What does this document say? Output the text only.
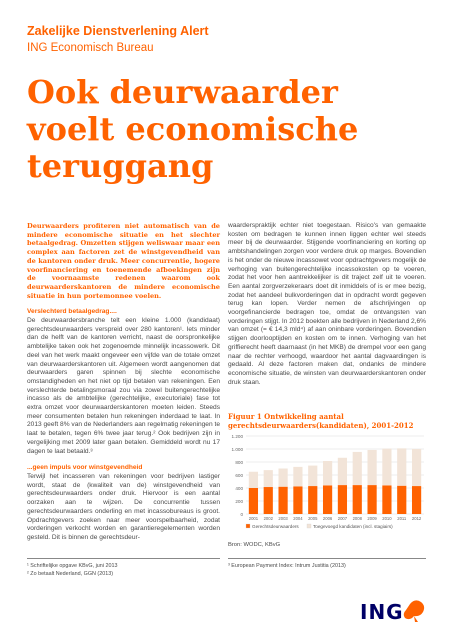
Zakelijke Dienstverlening Alert
ING Economisch Bureau
Ook deurwaarder
voelt economische
teruggang

Deurwaarders profiteren niet automatisch van de mindere economische situatie en het slechter betaalgedrag. Omzetten stijgen weliswaar maar een complex aan factoren zet de winstgevendheid van de kantoren onder druk. Meer concurrentie, hogere voorfinanciering en toenemende afboekingen zijn de voornaamste redenen waarom ook deurwaarderskantoren de mindere economische situatie in hun portemonnee voelen.

Verslechterd betaalgedrag....

De deurwaardersbranche telt een kleine 1.000 (kandidaat) gerechtsdeurwaarders verspreid over 280 kantoren¹. Iets minder dan de helft van de kantoren verricht, naast de oorspronkelijke ambtelijke taken ook het zogenoemde minnelijk incassowerk. Dit deel van het werk maakt ongeveer een vijfde van de totale omzet van deurwaarderskantoren uit. Algemeen wordt aangenomen dat deurwaarders garen spinnen bij slechte economische omstandigheden en het niet op tijd betalen van rekeningen. Een verslechterde betalingsmoraal zou via zowel buitengerechtelijke incasso als de ambtelijke (gerechtelijke, executoriale) fase tot extra omzet voor deurwaarderskantoren moeten leiden. Steeds meer consumenten betalen hun rekeningen inderdaad te laat. In 2013 geeft 8% van de Nederlanders aan regelmatig rekeningen te laat te betalen, tegen 6% twee jaar terug.² Ook bedrijven zijn in vergelijking met 2009 later gaan betalen. Gemiddeld wordt nu 17 dagen te laat betaald.³

...geen impuls voor winstgevendheid

Terwijl het incasseren van rekeningen voor bedrijven lastiger wordt, staat de (kwaliteit van de) winstgevendheid van gerechtsdeurwaarders onder druk. Hiervoor is een aantal oorzaken aan te wijzen. De concurrentie tussen gerechtsdeurwaarders onderling en met incassobureaus is groot. Opdrachtgevers zoeken naar meer voorspelbaarheid, zodat vorderingen verkocht worden en garantieregelementen worden gesteld. Dit is binnen de gerechtsdeur-

waarderspraktijk echter niet toegestaan. Risico's van gemaakte kosten om bedragen te kunnen innen liggen echter wel steeds meer bij de deurwaarder. Stijgende voorfinanciering en korting op ambtshandelingen zorgen voor verdere druk op marges. Bovendien is het onder de nieuwe incassowet voor opdrachtgevers mogelijk de verhoging van buitengerechtelijke incassokosten op te voeren, zodat het voor hen aantrekkelijker is dit traject zelf uit te voeren. Een aantal zorgverzekeraars doet dit inmiddels of is er mee bezig, zodat het aandeel bulkvorderingen dat in opdracht wordt gegeven terug kan lopen. Verder nemen de afschrijvingen op voorgefinancierde bedragen toe, omdat de ontvangsten van vorderingen stijgt. In 2012 boekten alle bedrijven in Nederland 2,6% van omzet (= € 14,3 mld⁴) af aan oninbare vorderingen. Bovendien stijgen doorlooptijden en kosten om te innen. Verhoging van het griffierecht heeft daarnaast (in het MKB) de drempel voor een gang naar de rechter verhoogd, waardoor het aantal dagvaardingen is gedaald. Al deze factoren maken dat, ondanks de mindere economische situatie, de winsten van deurwaarderskantoren onder druk staan.

Figuur 1 Ontwikkeling aantal gerechtsdeurwaarders(kandidaten), 2001-2012
1.200
1.000
800
600
400
200
0
2001 2002 2003 2004 2005 2006 2007 2008 2009 2010 2011 2012
Gerechtsdeurwaarders	Toegevoegd kandidaten (incl. stagiairs)
Bron: WODC, KBvG
¹ Schriftelijke opgave KBvG, juni 2013
² Zo betaalt Nederland, GGN (2013)
³ European Payment Index: Intrum Justitia (2013)
ING
